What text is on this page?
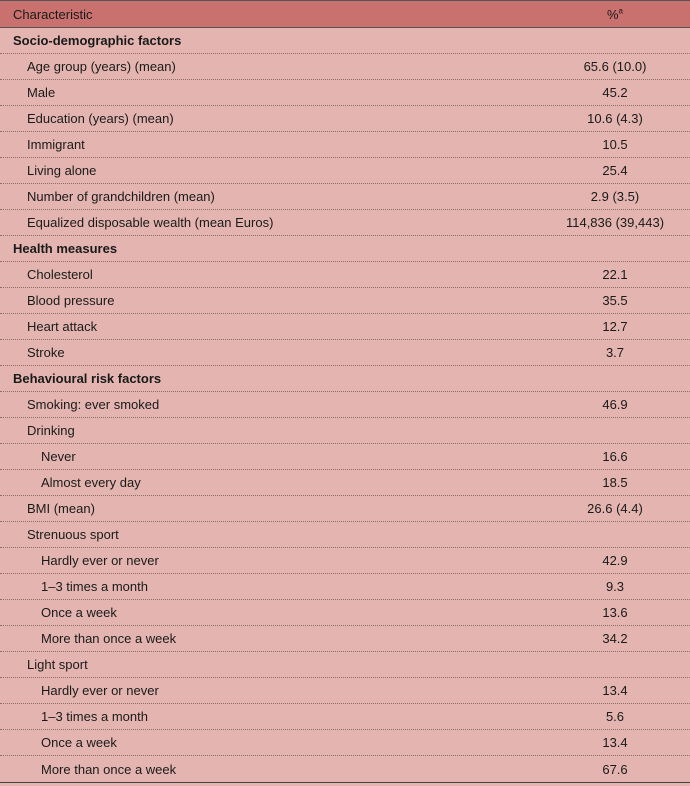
Characteristic	%$^a$
Socio-demographic factors
Age group (years) (mean)	65.6 (10.0)
Male	45.2
Education (years) (mean)	10.6 (4.3)
Immigrant	10.5
Living alone	25.4
Number of grandchildren (mean)	2.9 (3.5)
Equalized disposable wealth (mean Euros)	114,836 (39,443)
Health measures
Cholesterol	22.1
Blood pressure	35.5
Heart attack	12.7
Stroke	3.7
Behavioural risk factors
Smoking: ever smoked	46.9
Drinking
Never	16.6
Almost every day	18.5
BMI (mean)	26.6 (4.4)
Strenuous sport
Hardly ever or never	42.9
1–3 times a month	9.3
Once a week	13.6
More than once a week	34.2
Light sport
Hardly ever or never	13.4
1–3 times a month	5.6
Once a week	13.4
More than once a week	67.6
